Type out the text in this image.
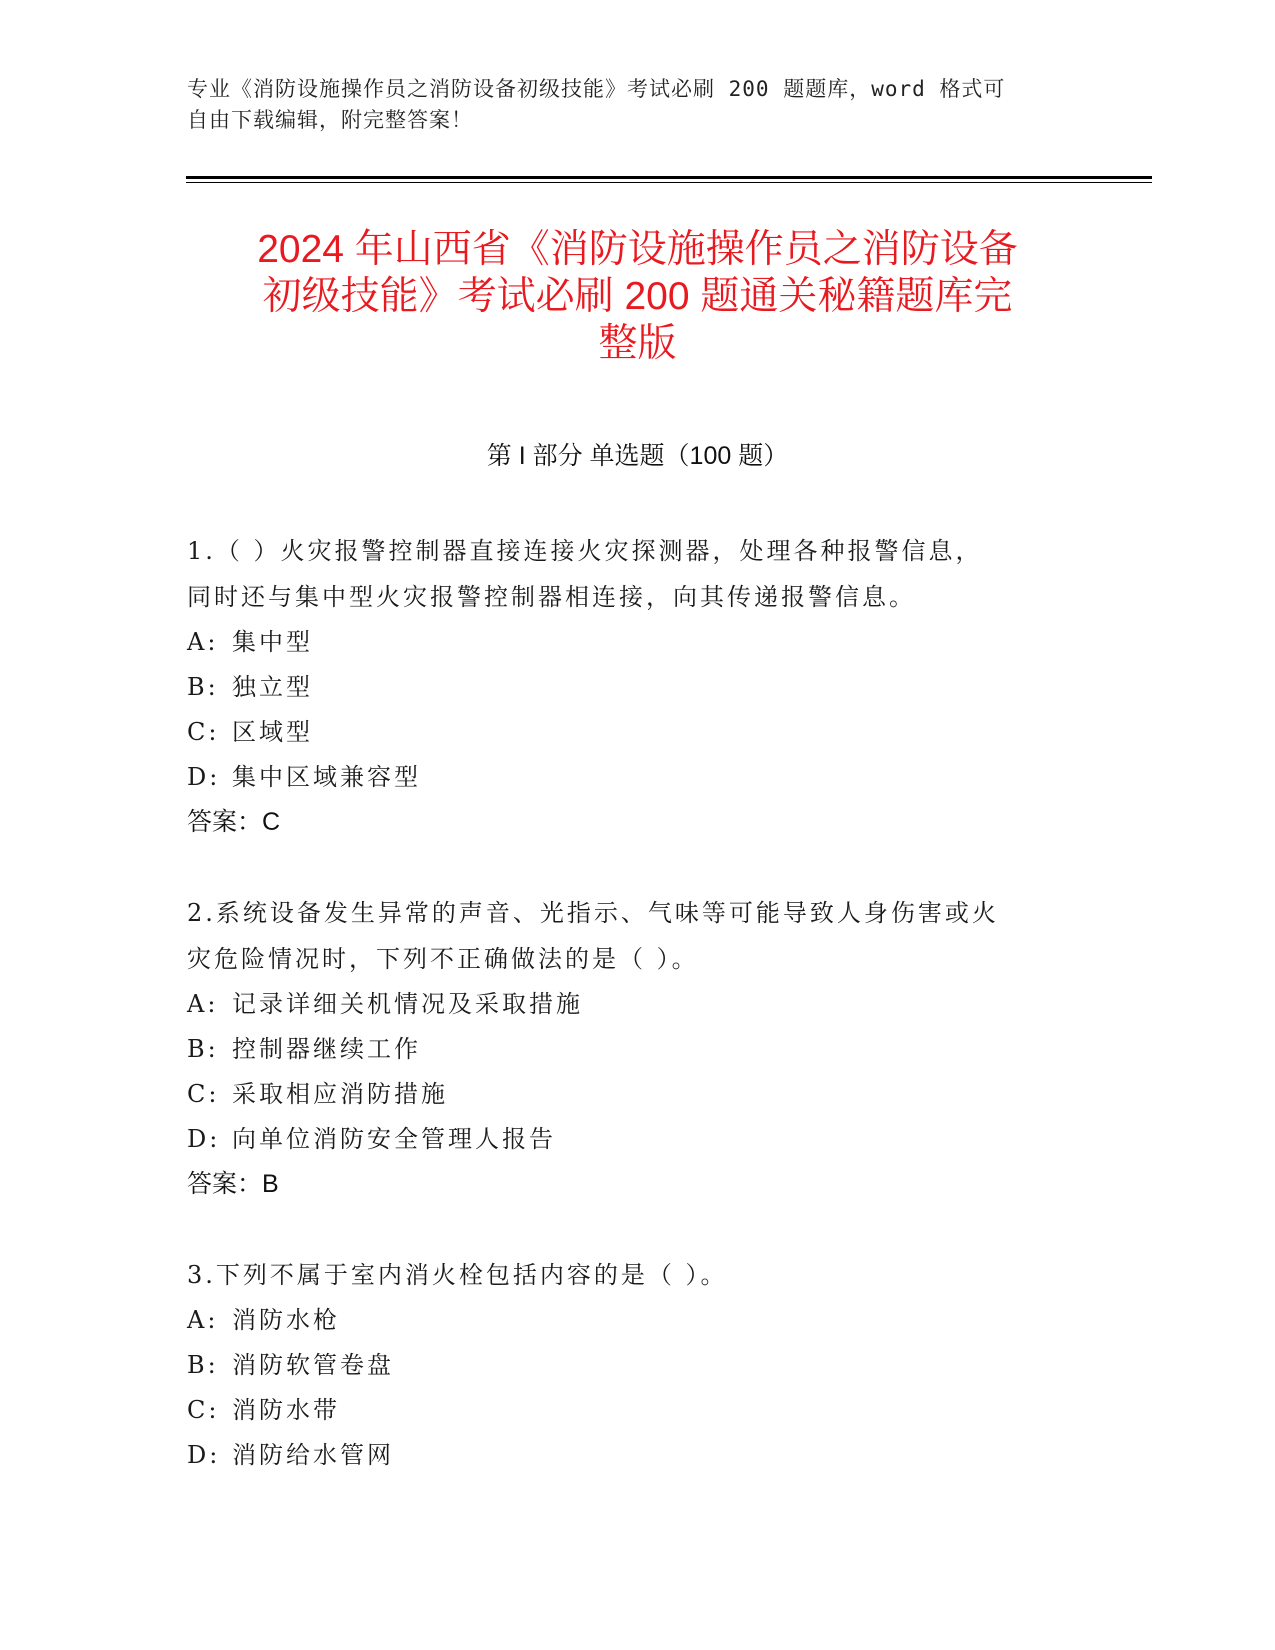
专业《消防设施操作员之消防设备初级技能》考试必刷 200 题题库，word 格式可
自由下载编辑，附完整答案！
2024 年山西省《消防设施操作员之消防设备
初级技能》考试必刷 200 题通关秘籍题库完
整版
第 I 部分 单选题（100 题）
1.（ ）火灾报警控制器直接连接火灾探测器，处理各种报警信息，
同时还与集中型火灾报警控制器相连接，向其传递报警信息。
A: 集中型
B: 独立型
C: 区域型
D: 集中区域兼容型
答案：C
2.系统设备发生异常的声音、光指示、气味等可能导致人身伤害或火
灾危险情况时，下列不正确做法的是（ ）。
A: 记录详细关机情况及采取措施
B: 控制器继续工作
C: 采取相应消防措施
D: 向单位消防安全管理人报告
答案：B
3.下列不属于室内消火栓包括内容的是（ ）。
A: 消防水枪
B: 消防软管卷盘
C: 消防水带
D: 消防给水管网
